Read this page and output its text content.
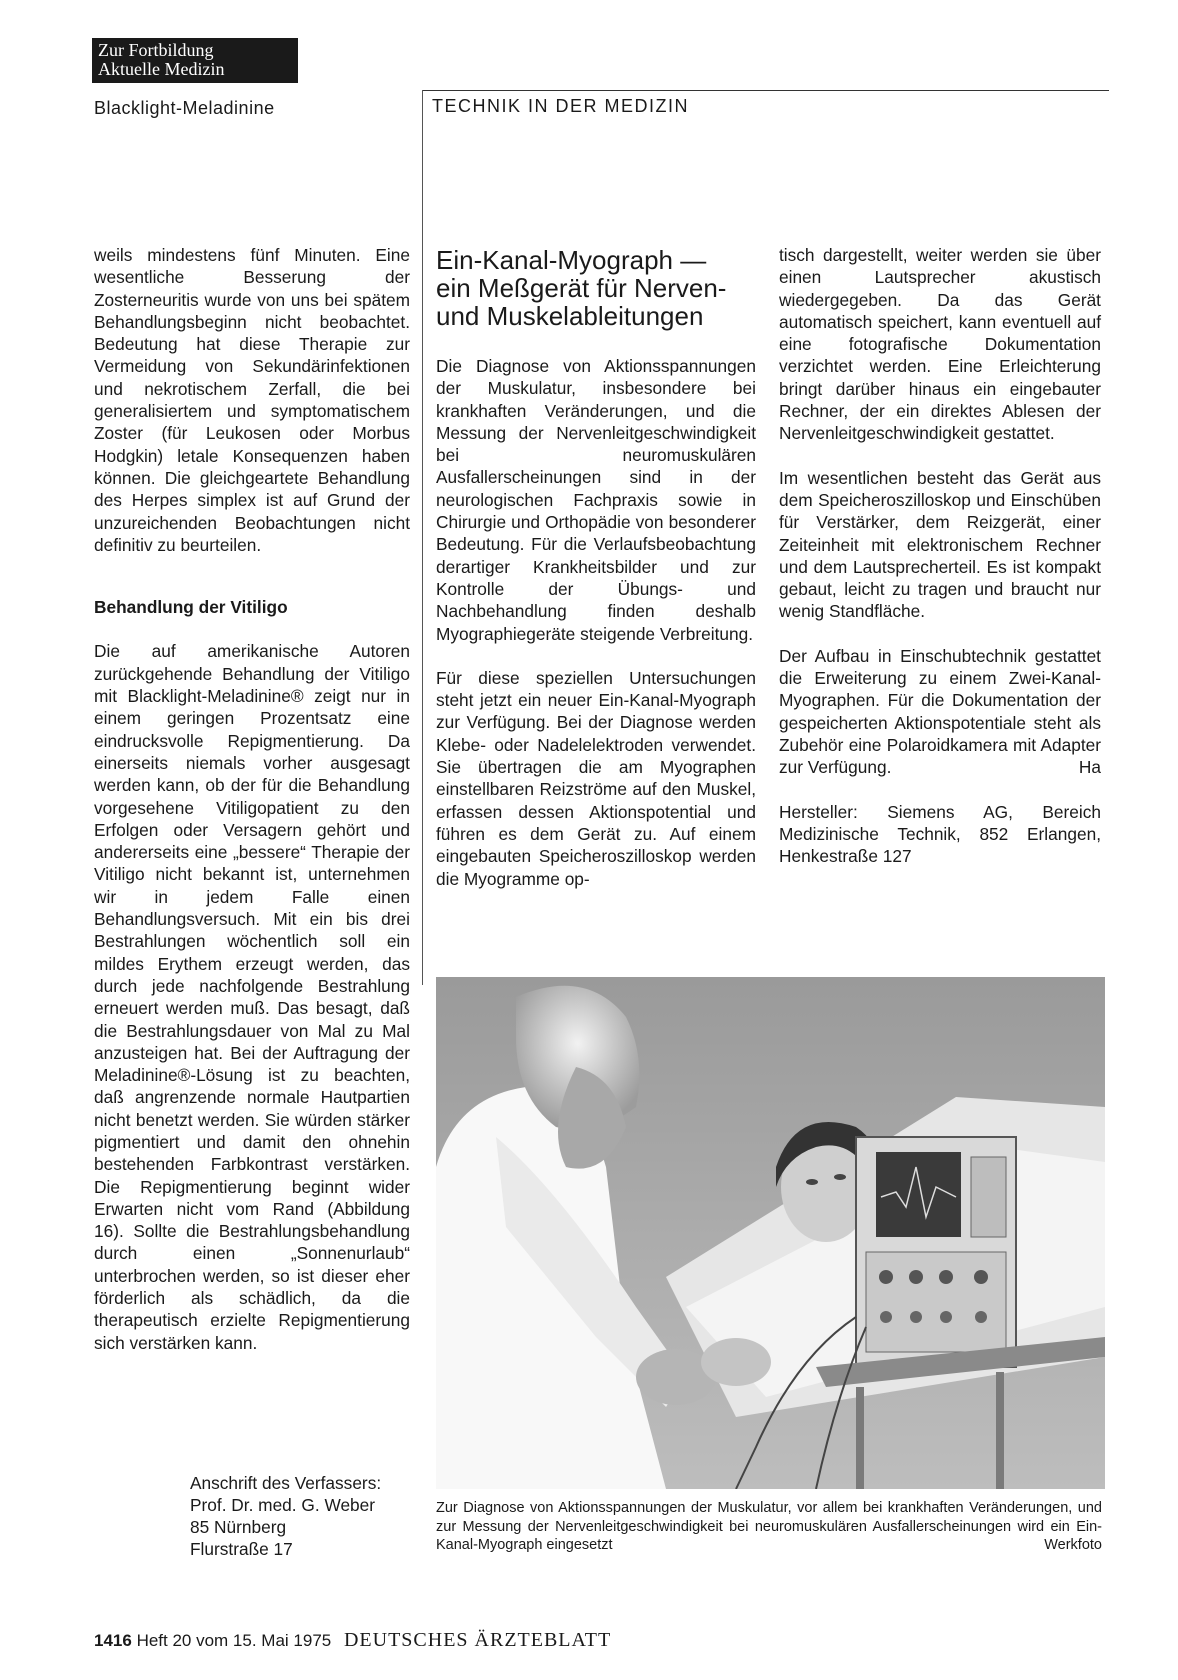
Zur Fortbildung
Aktuelle Medizin
Blacklight-Meladinine	TECHNIK IN DER MEDIZIN

weils mindestens fünf Minuten. Eine wesentliche Besserung der Zosterneuritis wurde von uns bei spätem Behandlungsbeginn nicht beobachtet. Bedeutung hat diese Therapie zur Vermeidung von Sekundärinfektionen und nekrotischem Zerfall, die bei generalisiertem und symptomatischem Zoster (für Leukosen oder Morbus Hodgkin) letale Konsequenzen haben können. Die gleichgeartete Behandlung des Herpes simplex ist auf Grund der unzureichenden Beobachtungen nicht definitiv zu beurteilen.

Behandlung der Vitiligo

Die auf amerikanische Autoren zurückgehende Behandlung der Vitiligo mit Blacklight-Meladinine® zeigt nur in einem geringen Prozentsatz eine eindrucksvolle Repigmentierung. Da einerseits niemals vorher ausgesagt werden kann, ob der für die Behandlung vorgesehene Vitiligopatient zu den Erfolgen oder Versagern gehört und andererseits eine „bessere“ Therapie der Vitiligo nicht bekannt ist, unternehmen wir in jedem Falle einen Behandlungsversuch. Mit ein bis drei Bestrahlungen wöchentlich soll ein mildes Erythem erzeugt werden, das durch jede nachfolgende Bestrahlung erneuert werden muß. Das besagt, daß die Bestrahlungsdauer von Mal zu Mal anzusteigen hat. Bei der Auftragung der Meladinine®-Lösung ist zu beachten, daß angrenzende normale Hautpartien nicht benetzt werden. Sie würden stärker pigmentiert und damit den ohnehin bestehenden Farbkontrast verstärken. Die Repigmentierung beginnt wider Erwarten nicht vom Rand (Abbildung 16). Sollte die Bestrahlungsbehandlung durch einen „Sonnenurlaub“ unterbrochen werden, so ist dieser eher förderlich als schädlich, da die therapeutisch erzielte Repigmentierung sich verstärken kann.

Anschrift des Verfassers:
Prof. Dr. med. G. Weber
85 Nürnberg
Flurstraße 17
Ein-Kanal-Myograph —
ein Meßgerät für Nerven-
und Muskelableitungen

Die Diagnose von Aktionsspannungen der Muskulatur, insbesondere bei krankhaften Veränderungen, und die Messung der Nervenleitgeschwindigkeit bei neuromuskulären Ausfallerscheinungen sind in der neurologischen Fachpraxis sowie in Chirurgie und Orthopädie von besonderer Bedeutung. Für die Verlaufsbeobachtung derartiger Krankheitsbilder und zur Kontrolle der Übungs- und Nachbehandlung finden deshalb Myographiegeräte steigende Verbreitung.

Für diese speziellen Untersuchungen steht jetzt ein neuer Ein-Kanal-Myograph zur Verfügung. Bei der Diagnose werden Klebe- oder Nadelelektroden verwendet. Sie übertragen die am Myographen einstellbaren Reizströme auf den Muskel, erfassen dessen Aktionspotential und führen es dem Gerät zu. Auf einem eingebauten Speicheroszilloskop werden die Myogramme op-

tisch dargestellt, weiter werden sie über einen Lautsprecher akustisch wiedergegeben. Da das Gerät automatisch speichert, kann eventuell auf eine fotografische Dokumentation verzichtet werden. Eine Erleichterung bringt darüber hinaus ein eingebauter Rechner, der ein direktes Ablesen der Nervenleitgeschwindigkeit gestattet.

Im wesentlichen besteht das Gerät aus dem Speicheroszilloskop und Einschüben für Verstärker, dem Reizgerät, einer Zeiteinheit mit elektronischem Rechner und dem Lautsprecherteil. Es ist kompakt gebaut, leicht zu tragen und braucht nur wenig Standfläche.

Der Aufbau in Einschubtechnik gestattet die Erweiterung zu einem Zwei-Kanal-Myographen. Für die Dokumentation der gespeicherten Aktionspotentiale steht als Zubehör eine Polaroidkamera mit Adapter zur Verfügung.	Ha

Hersteller: Siemens AG, Bereich Medizinische Technik, 852 Erlangen, Henkestraße 127

Zur Diagnose von Aktionsspannungen der Muskulatur, vor allem bei krankhaften Veränderungen, und zur Messung der Nervenleitgeschwindigkeit bei neuromuskulären Ausfallerscheinungen wird ein Ein-Kanal-Myograph eingesetzt	Werkfoto
1416 Heft 20 vom 15. Mai 1975 DEUTSCHES ÄRZTEBLATT
